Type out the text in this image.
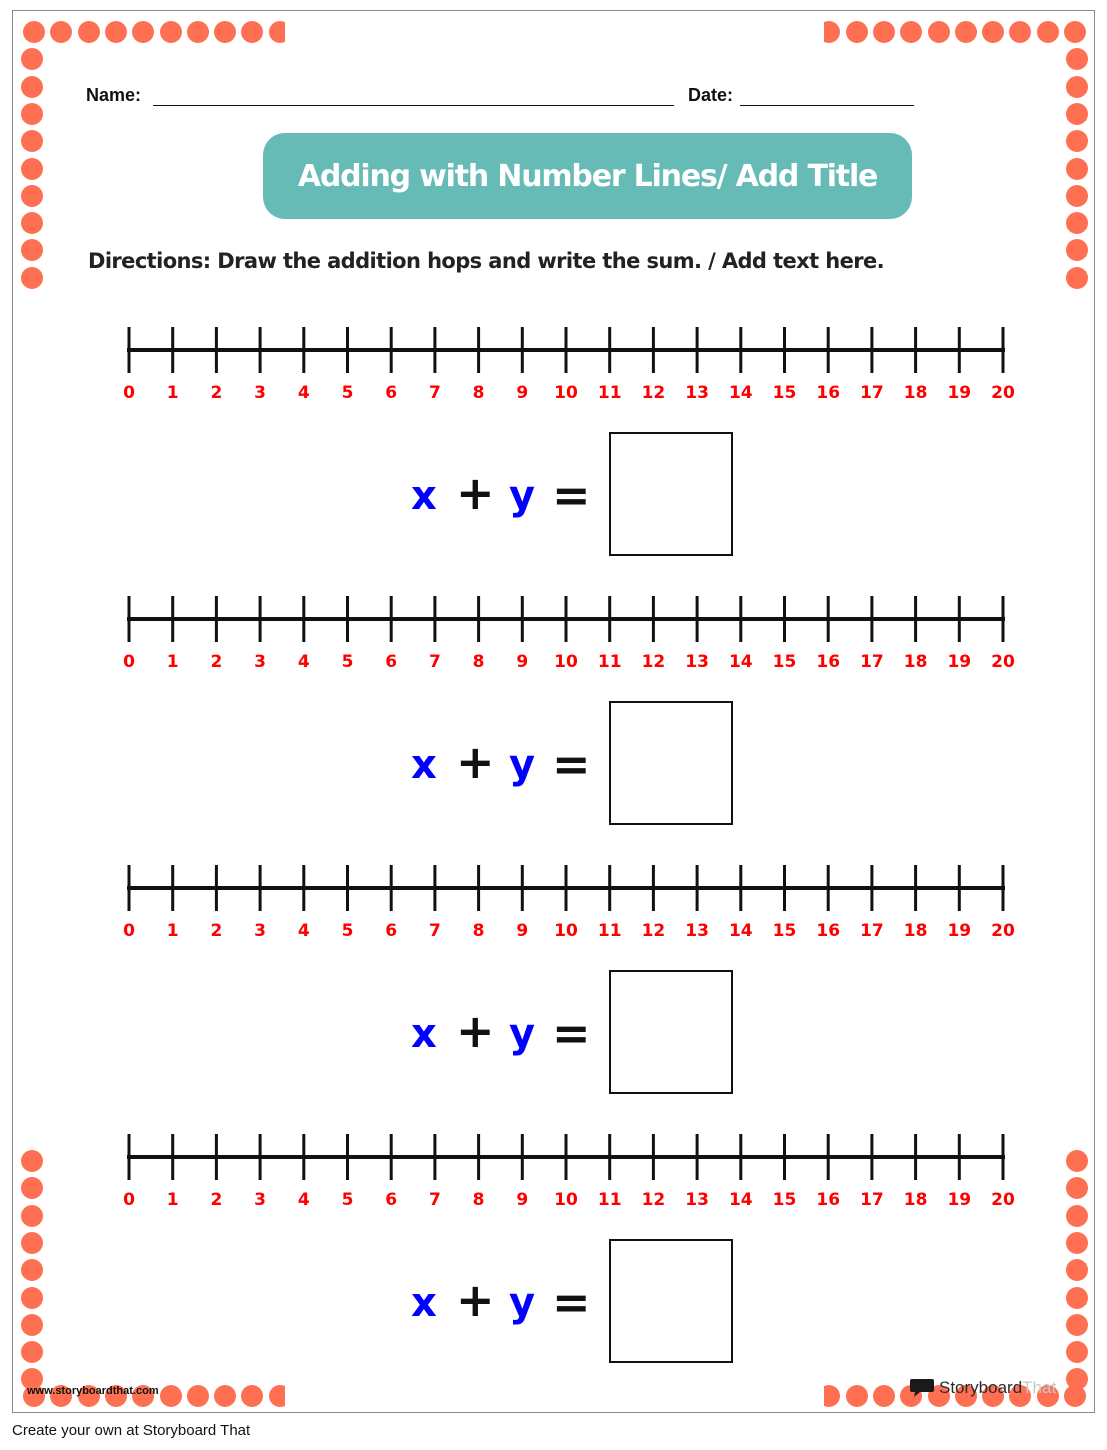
Name:	Date:
Adding with Number Lines/ Add Title
Directions: Draw the addition hops and write the sum. / Add text here.
0 1 2 3 4 5 6 7 8 9 10 11 12 13 14 15 16 17 18 19 20
0 1 2 3 4 5 6 7 8 9 10 11 12 13 14 15 16 17 18 19 20
0 1 2 3 4 5 6 7 8 9 10 11 12 13 14 15 16 17 18 19 20
0 1 2 3 4 5 6 7 8 9 10 11 12 13 14 15 16 17 18 19 20
x + y =
x + y =
x + y =
x + y =
www.storyboardthat.com	Storyboard That
Create your own at Storyboard That
